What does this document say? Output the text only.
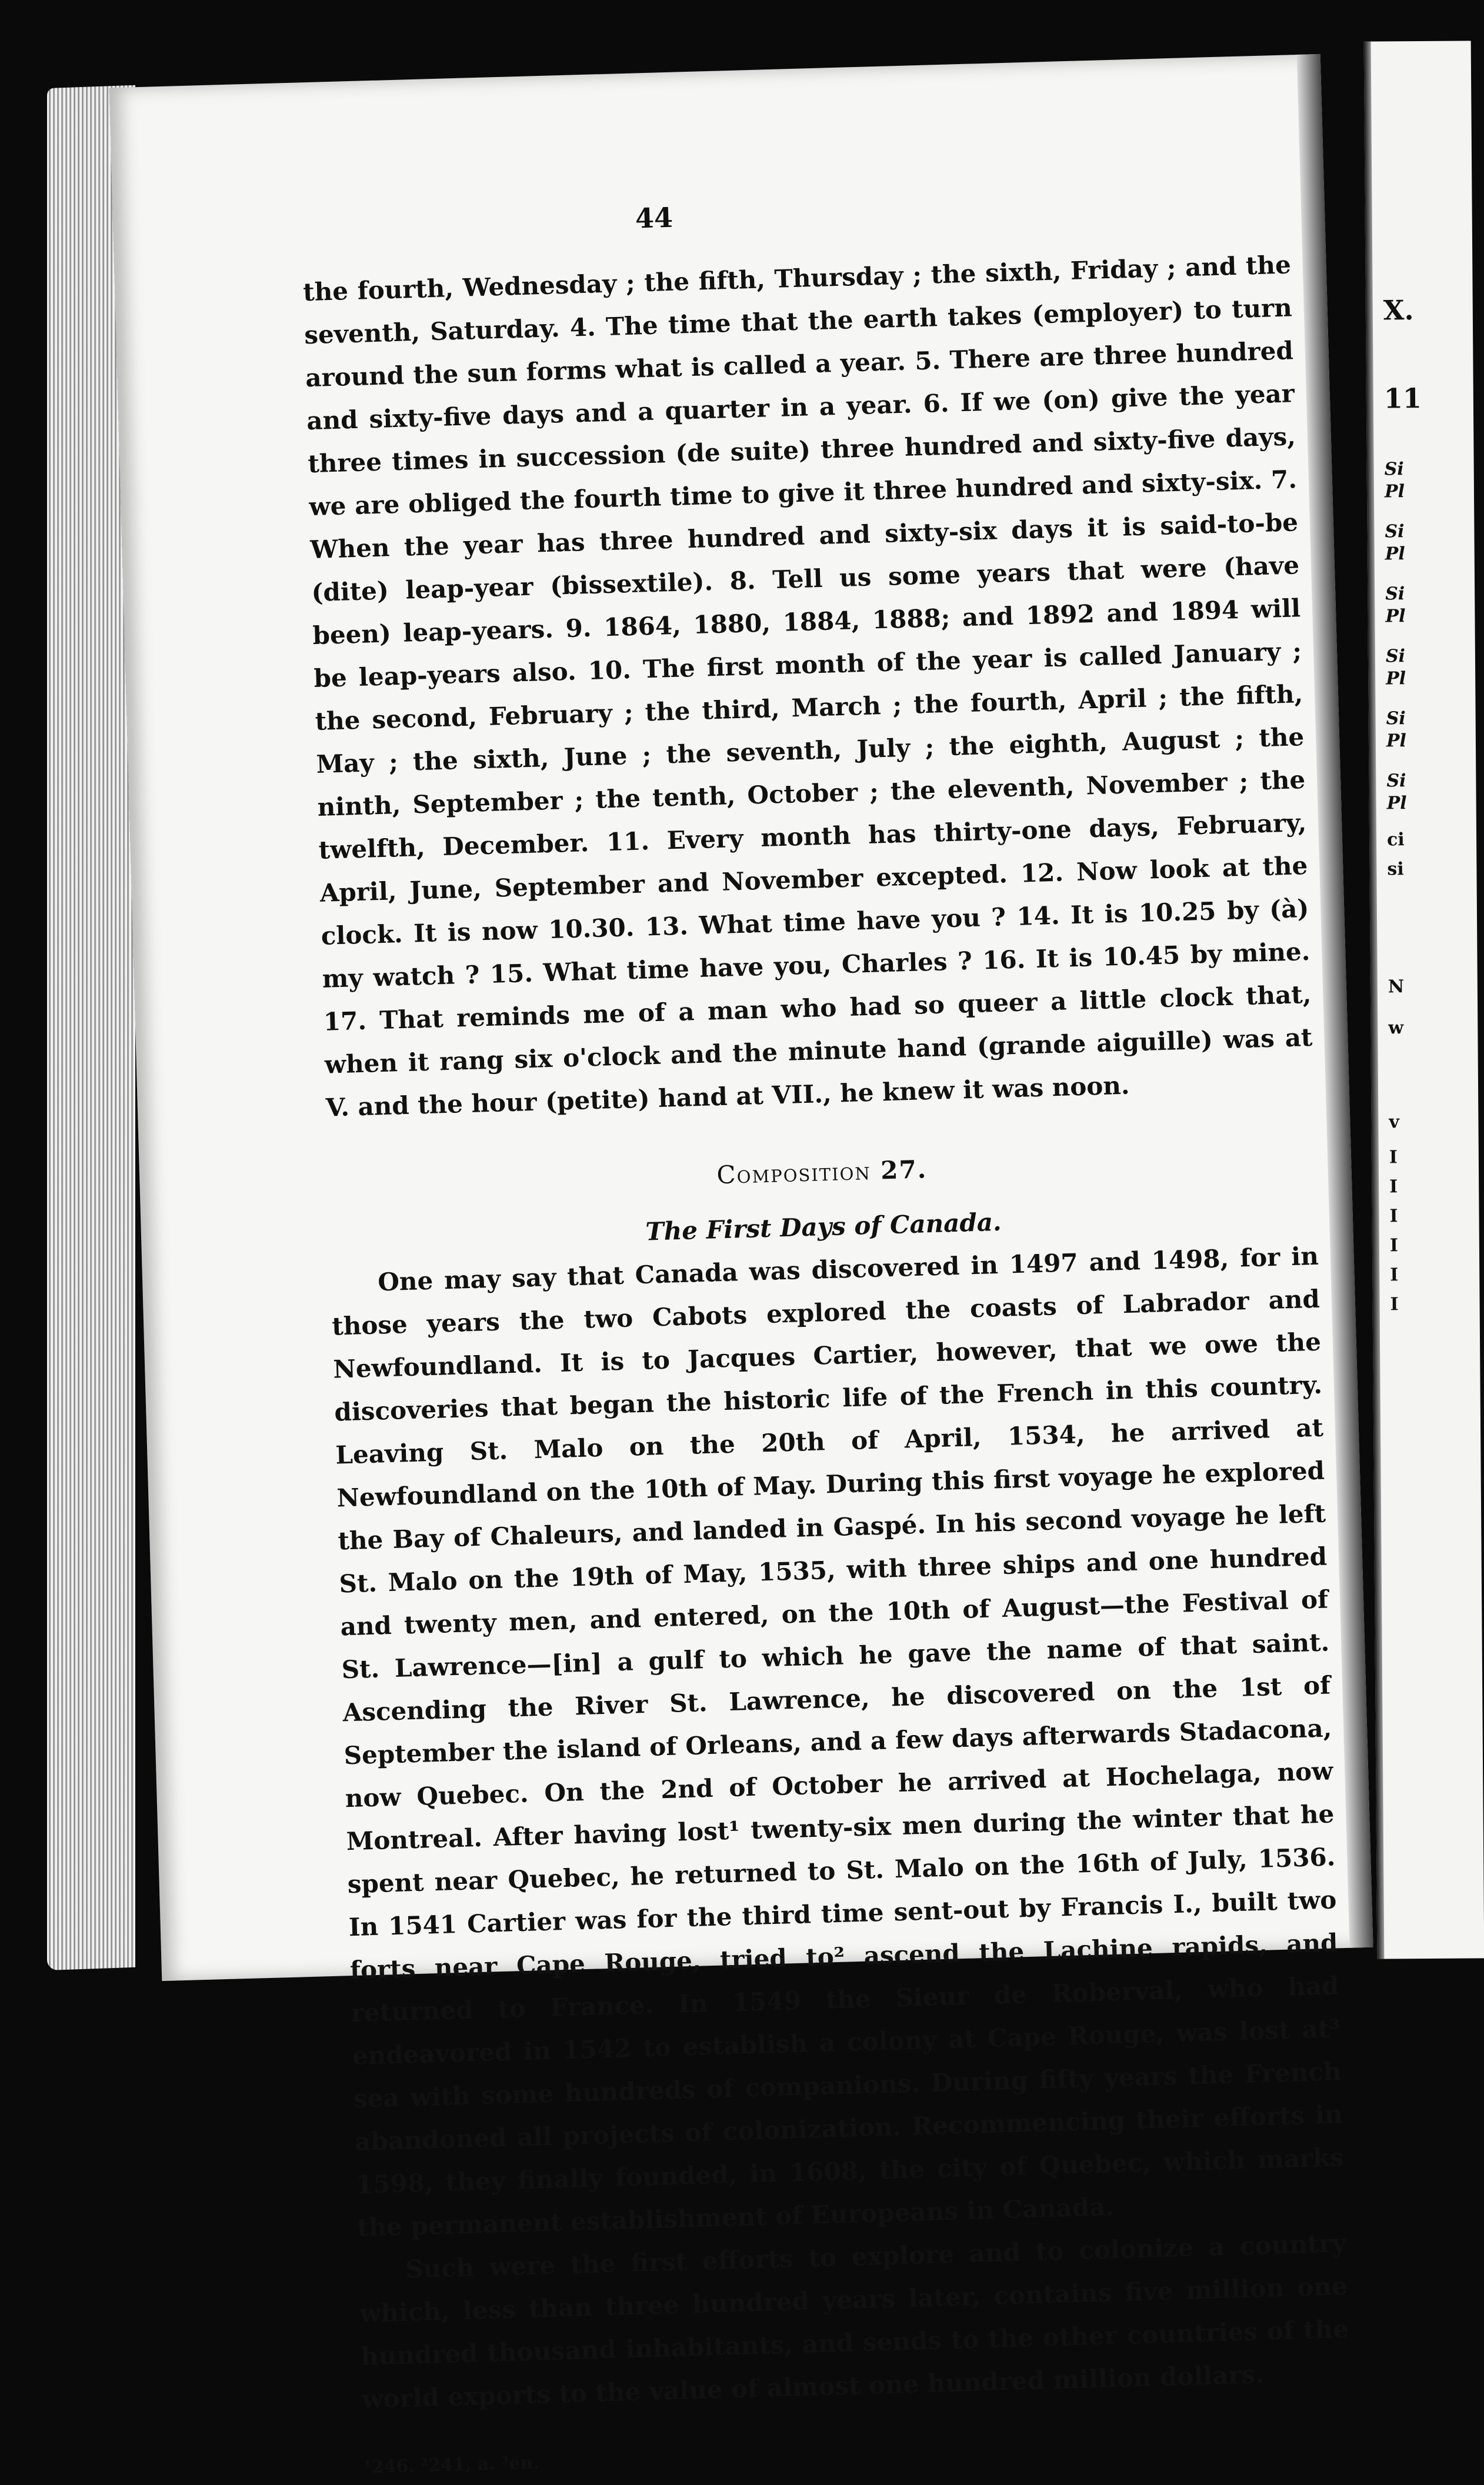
44

the fourth, Wednesday ; the fifth, Thursday ; the sixth, Friday ; and the seventh, Saturday. 4. The time that the earth takes (employer) to turn around the sun forms what is called a year. 5. There are three hundred and sixty-five days and a quarter in a year. 6. If we (on) give the year three times in succession (de suite) three hundred and sixty-five days, we are obliged the fourth time to give it three hundred and sixty-six. 7. When the year has three hundred and sixty-six days it is said-to-be (dite) leap-year (bissextile). 8. Tell us some years that were (have been) leap-years. 9. 1864, 1880, 1884, 1888; and 1892 and 1894 will be leap-years also. 10. The first month of the year is called January ; the second, February ; the third, March ; the fourth, April ; the fifth, May ; the sixth, June ; the seventh, July ; the eighth, August ; the ninth, September ; the tenth, October ; the eleventh, November ; the twelfth, December. 11. Every month has thirty-one days, February, April, June, September and November excepted. 12. Now look at the clock. It is now 10.30. 13. What time have you ? 14. It is 10.25 by (à) my watch ? 15. What time have you, Charles ? 16. It is 10.45 by mine. 17. That reminds me of a man who had so queer a little clock that, when it rang six o'clock and the minute hand (grande aiguille) was at V. and the hour (petite) hand at VII., he knew it was noon.

Composition 27.

The First Days of Canada.

One may say that Canada was discovered in 1497 and 1498, for in those years the two Cabots explored the coasts of Labrador and Newfoundland. It is to Jacques Cartier, however, that we owe the discoveries that began the historic life of the French in this country. Leaving St. Malo on the 20th of April, 1534, he arrived at Newfoundland on the 10th of May. During this first voyage he explored the Bay of Chaleurs, and landed in Gaspé. In his second voyage he left St. Malo on the 19th of May, 1535, with three ships and one hundred and twenty men, and entered, on the 10th of August—the Festival of St. Lawrence—[in] a gulf to which he gave the name of that saint. Ascending the River St. Lawrence, he discovered on the 1st of September the island of Orleans, and a few days afterwards Stadacona, now Quebec. On the 2nd of October he arrived at Hochelaga, now Montreal. After having lost¹ twenty-six men during the winter that he spent near Quebec, he returned to St. Malo on the 16th of July, 1536. In 1541 Cartier was for the third time sent-out by Francis I., built two forts near Cape Rouge, tried to² ascend the Lachine rapids, and returned to France. In 1549 the Sieur de Roberval, who had endeavored in 1542 to establish a colony at Cape Rouge, was lost at³ sea with some hundreds of companions. During fifty years the French abandoned all projects of colonization. Recommencing their efforts in 1598, they finally founded, in 1608, the city of Quebec, which marks the permanent establishment of Europeans in Canada.

Such were the first efforts to explore and to colonize a country which, less than three hundred years later, contains five million one hundred thousand inhabitants, and sends to the other countries of the world exports to the value of almost one hundred million dollars.

¹246. ²241, a. ³en.
X.
11
Si
Pl
Si
Pl
Si
Pl
Si
Pl
Si
Pl
Si
Pl
ci
si
N
w
v
I
I
I
I
I
I
